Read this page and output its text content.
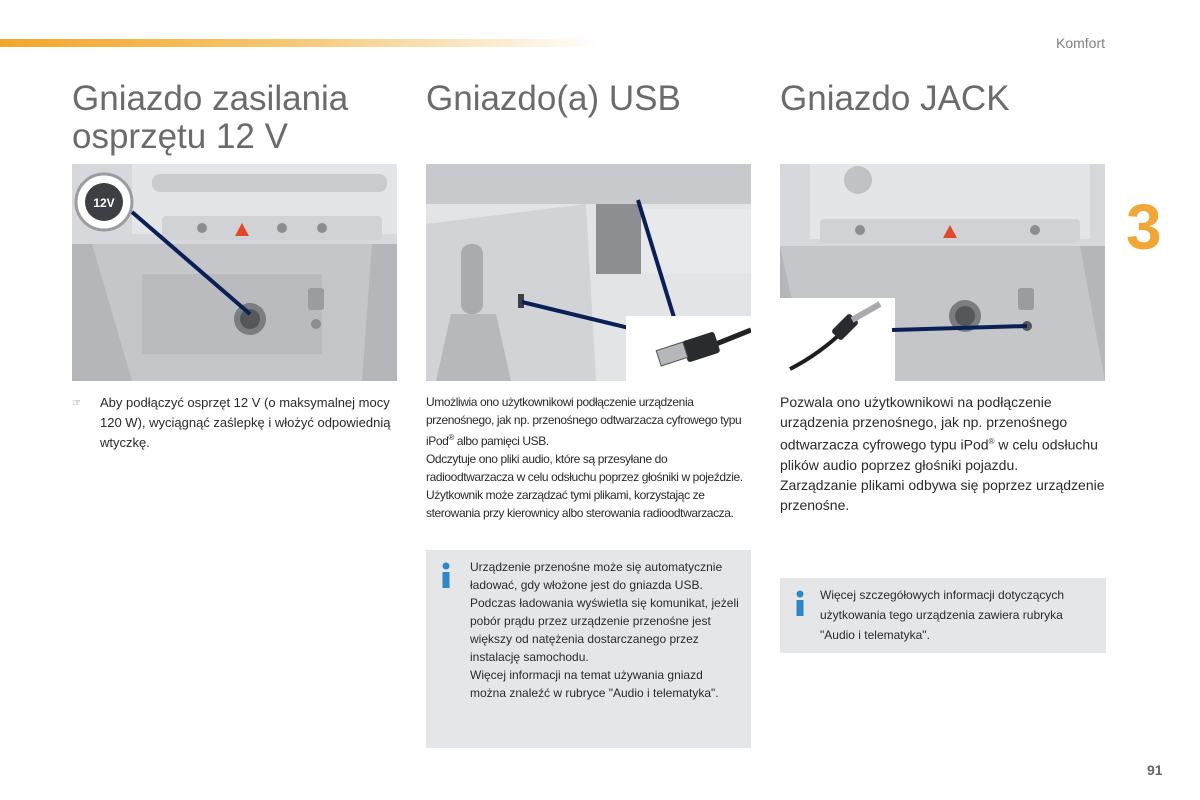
Komfort
3
91
Gniazdo zasilania
osprzętu 12 V
12V
☞	Aby podłączyć osprzęt 12 V (o maksymalnej mocy 120 W), wyciągnąć zaślepkę i włożyć odpowiednią wtyczkę.
Gniazdo(a) USB

Umożliwia ono użytkownikowi podłączenie urządzenia przenośnego, jak np. przenośnego odtwarzacza cyfrowego typu iPod® albo pamięci USB.

Odczytuje ono pliki audio, które są przesyłane do radioodtwarzacza w celu odsłuchu poprzez głośniki w pojeździe.

Użytkownik może zarządzać tymi plikami, korzystając ze sterowania przy kierownicy albo sterowania radioodtwarzacza.

Urządzenie przenośne może się automatycznie ładować, gdy włożone jest do gniazda USB.

Podczas ładowania wyświetla się komunikat, jeżeli pobór prądu przez urządzenie przenośne jest większy od natężenia dostarczanego przez instalację samochodu.

Więcej informacji na temat używania gniazd można znaleźć w rubryce "Audio i telematyka".

Gniazdo JACK

Pozwala ono użytkownikowi na podłączenie urządzenia przenośnego, jak np. przenośnego odtwarzacza cyfrowego typu iPod® w celu odsłuchu plików audio poprzez głośniki pojazdu.

Zarządzanie plikami odbywa się poprzez urządzenie przenośne.

Więcej szczegółowych informacji dotyczących użytkowania tego urządzenia zawiera rubryka "Audio i telematyka".
